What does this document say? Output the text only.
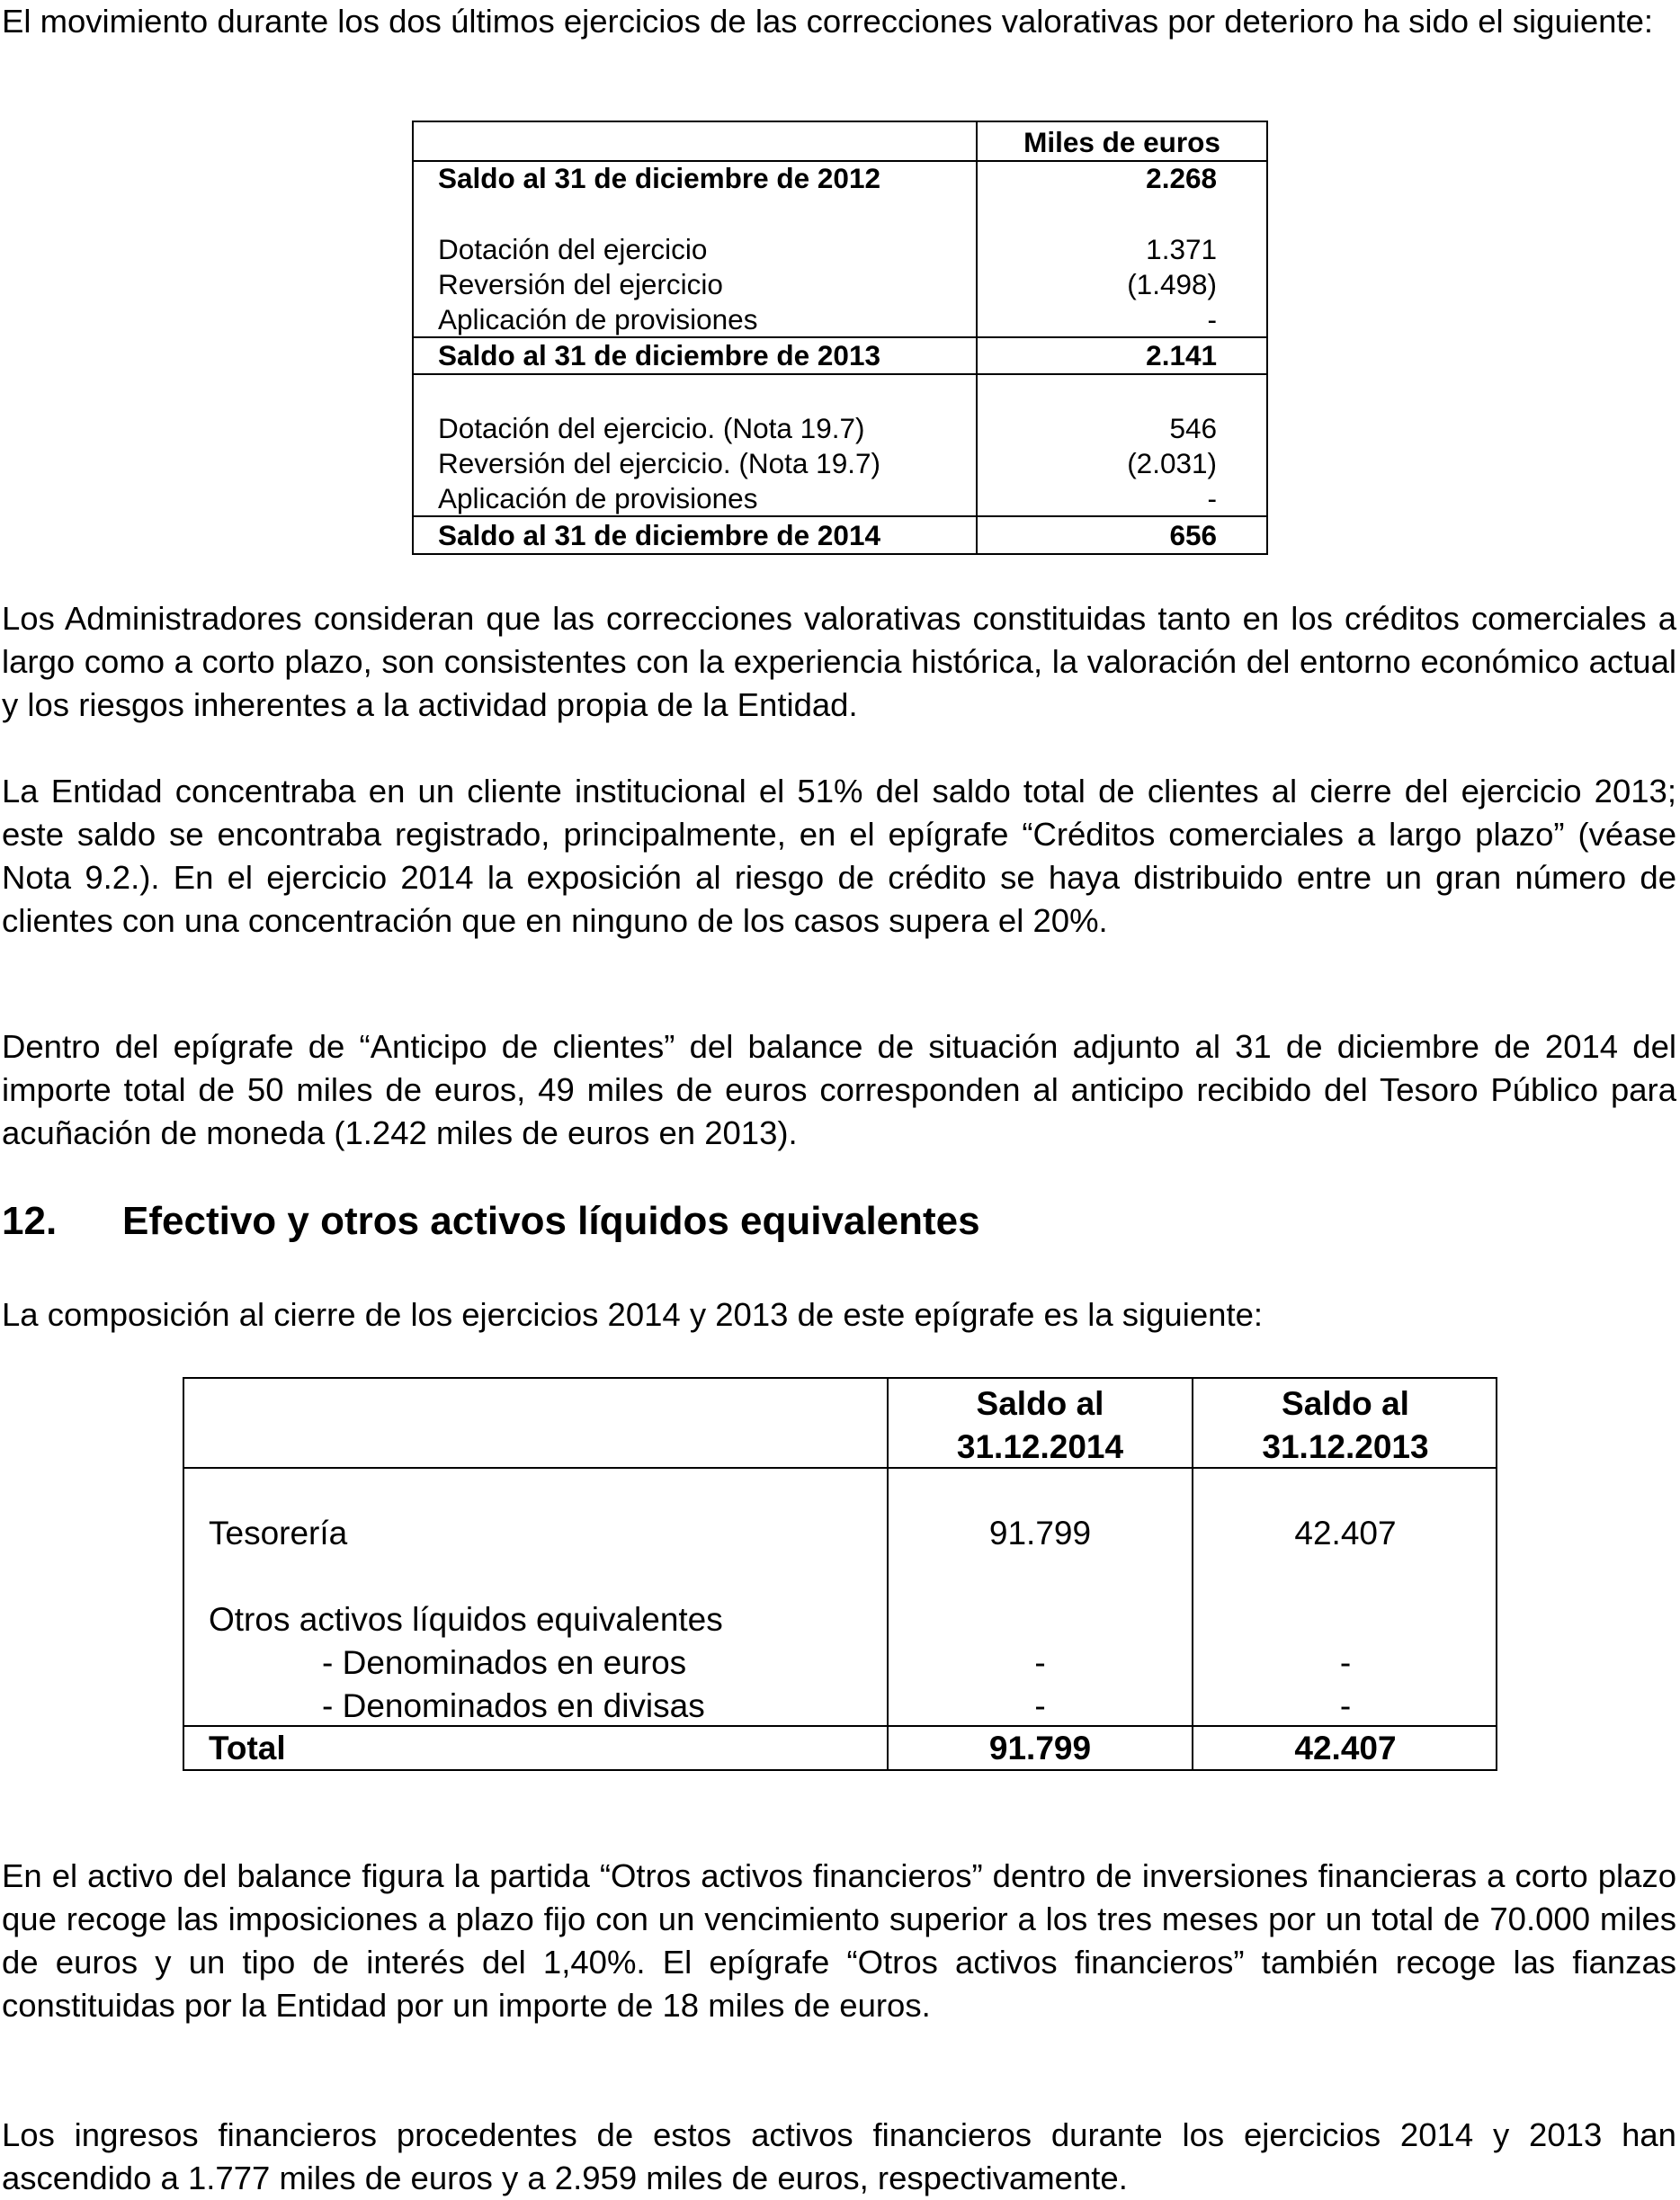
El movimiento durante los dos últimos ejercicios de las correcciones valorativas por deterioro ha sido el siguiente:

Miles de euros
Saldo al 31 de diciembre de 2012	2.268
Dotación del ejercicio	1.371
Reversión del ejercicio	(1.498)
Aplicación de provisiones	-
Saldo al 31 de diciembre de 2013	2.141
Dotación del ejercicio. (Nota 19.7)	546
Reversión del ejercicio. (Nota 19.7)	(2.031)
Aplicación de provisiones	-
Saldo al 31 de diciembre de 2014	656

Los Administradores consideran que las correcciones valorativas constituidas tanto en los créditos comerciales a largo como a corto plazo, son consistentes con la experiencia histórica, la valoración del entorno económico actual y los riesgos inherentes a la actividad propia de la Entidad.

La Entidad concentraba en un cliente institucional el 51% del saldo total de clientes al cierre del ejercicio 2013; este saldo se encontraba registrado, principalmente, en el epígrafe “Créditos comerciales a largo plazo” (véase Nota 9.2.). En el ejercicio 2014 la exposición al riesgo de crédito se haya distribuido entre un gran número de clientes con una concentración que en ninguno de los casos supera el 20%.

Dentro del epígrafe de “Anticipo de clientes” del balance de situación adjunto al 31 de diciembre de 2014 del importe total de 50 miles de euros, 49 miles de euros corresponden al anticipo recibido del Tesoro Público para acuñación de moneda (1.242 miles de euros en 2013).

12. Efectivo y otros activos líquidos equivalentes

La composición al cierre de los ejercicios 2014 y 2013 de este epígrafe es la siguiente:

Saldo al
31.12.2014
Saldo al
31.12.2013
Tesorería	91.799	42.407
Otros activos líquidos equivalentes
- Denominados en euros	-	-
- Denominados en divisas	-	-
Total	91.799	42.407

En el activo del balance figura la partida “Otros activos financieros” dentro de inversiones financieras a corto plazo que recoge las imposiciones a plazo fijo con un vencimiento superior a los tres meses por un total de 70.000 miles de euros y un tipo de interés del 1,40%. El epígrafe “Otros activos financieros” también recoge las fianzas constituidas por la Entidad por un importe de 18 miles de euros.

Los ingresos financieros procedentes de estos activos financieros durante los ejercicios 2014 y 2013 han ascendido a 1.777 miles de euros y a 2.959 miles de euros, respectivamente.
